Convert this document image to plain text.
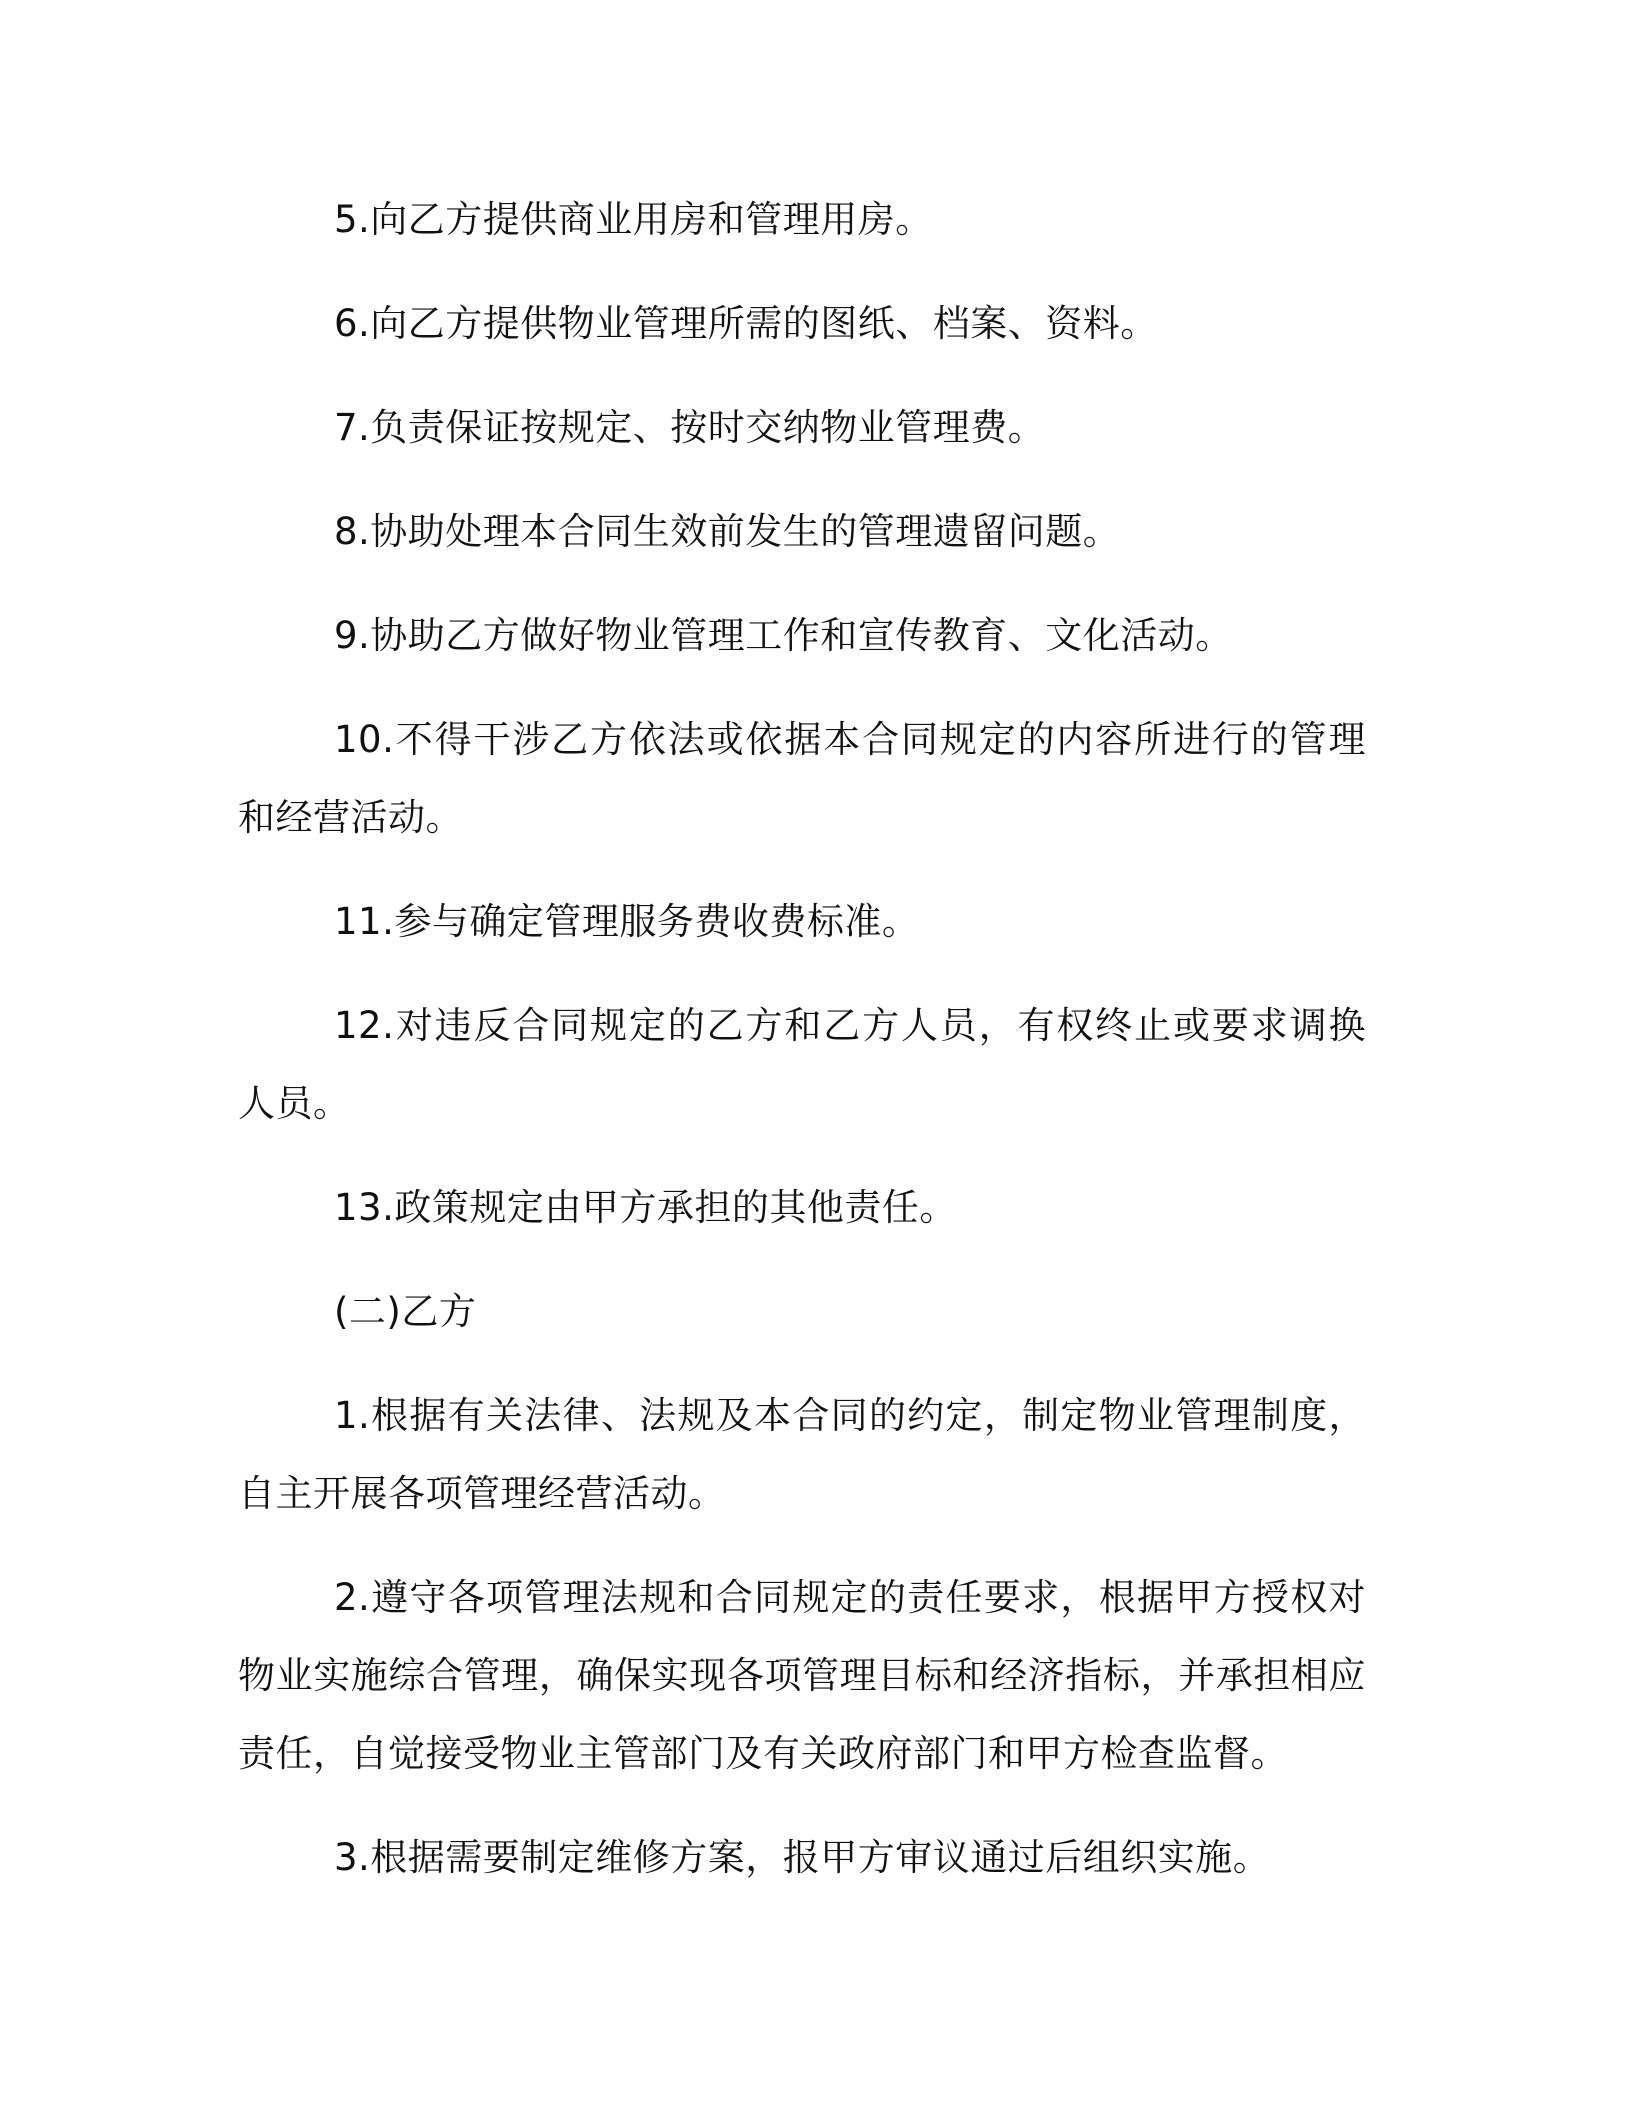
5.向乙方提供商业用房和管理用房。

6.向乙方提供物业管理所需的图纸、档案、资料。

7.负责保证按规定、按时交纳物业管理费。

8.协助处理本合同生效前发生的管理遗留问题。

9.协助乙方做好物业管理工作和宣传教育、文化活动。

10.不得干涉乙方依法或依据本合同规定的内容所进行的管理和经营活动。

11.参与确定管理服务费收费标准。

12.对违反合同规定的乙方和乙方人员，有权终止或要求调换人员。

13.政策规定由甲方承担的其他责任。

(二)乙方

1.根据有关法律、法规及本合同的约定，制定物业管理制度，自主开展各项管理经营活动。

2.遵守各项管理法规和合同规定的责任要求，根据甲方授权对物业实施综合管理，确保实现各项管理目标和经济指标，并承担相应责任，自觉接受物业主管部门及有关政府部门和甲方检查监督。

3.根据需要制定维修方案，报甲方审议通过后组织实施。
